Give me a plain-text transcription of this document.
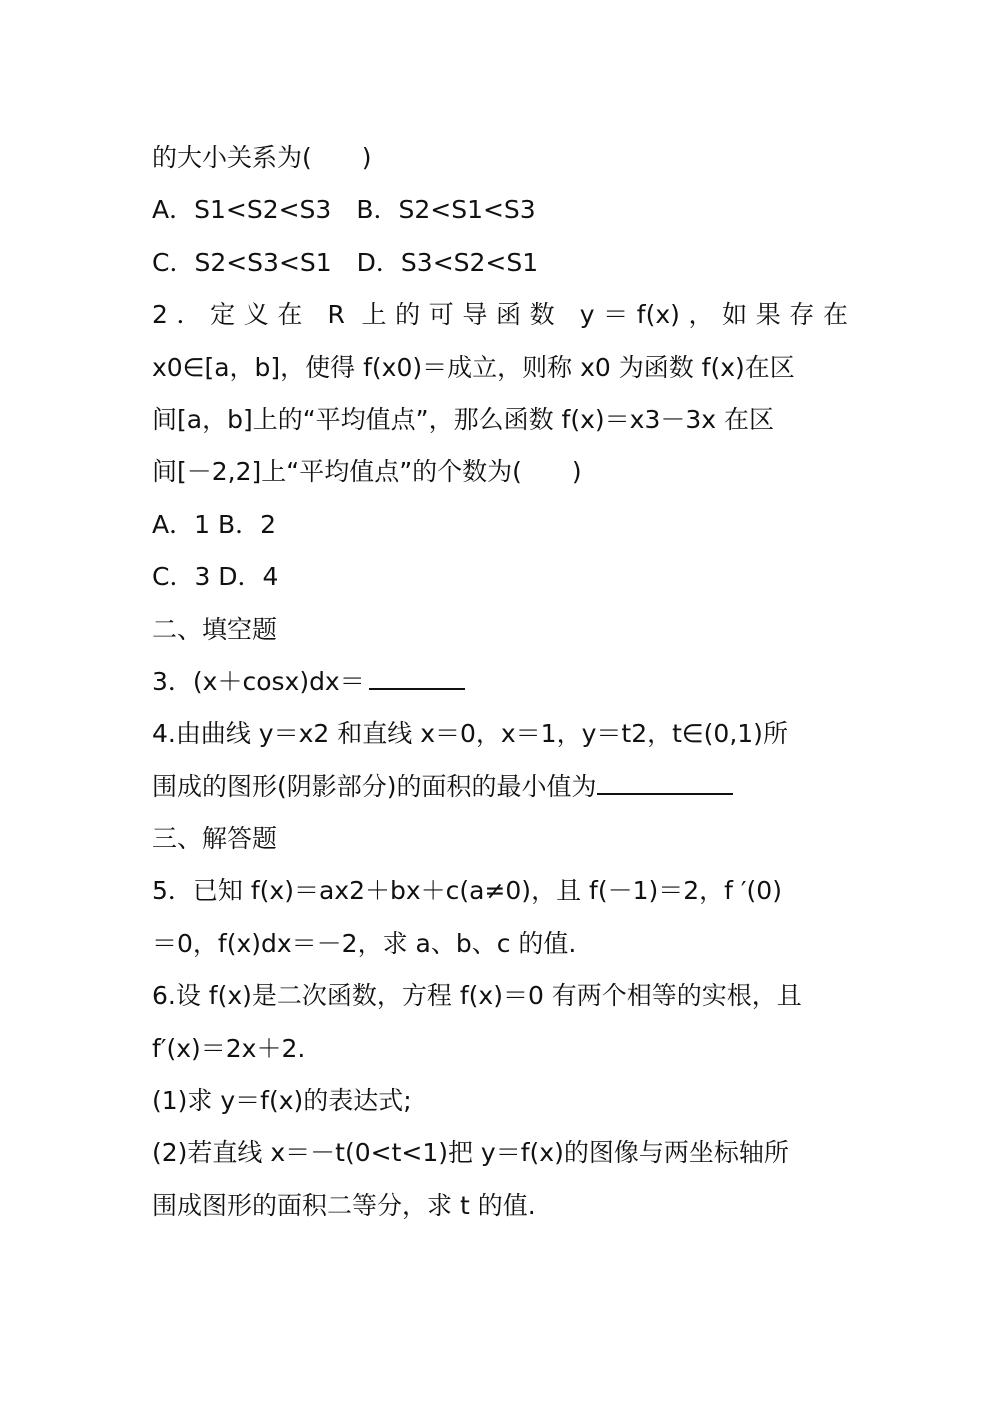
的大小关系为(　　)
A．S1<S2<S3　B．S2<S1<S3
C．S2<S3<S1　D．S3<S2<S1
2．定义在 R 上的可导函数 y＝f(x)，如果存在
x0∈[a，b]，使得 f(x0)＝成立，则称 x0 为函数 f(x)在区
间[a，b]上的“平均值点”，那么函数 f(x)＝x3－3x 在区
间[－2,2]上“平均值点”的个数为(　　)
A．1 B．2
C．3 D．4
二、填空题
3．(x＋cosx)dx＝
4.由曲线 y＝x2 和直线 x＝0，x＝1，y＝t2，t∈(0,1)所
围成的图形(阴影部分)的面积的最小值为
三、解答题
5．已知 f(x)＝ax2＋bx＋c(a≠0)，且 f(－1)＝2，f ′(0)
＝0，f(x)dx＝－2，求 a、b、c 的值.
6.设 f(x)是二次函数，方程 f(x)＝0 有两个相等的实根，且
f′(x)＝2x＋2.
(1)求 y＝f(x)的表达式;
(2)若直线 x＝－t(0<t<1)把 y＝f(x)的图像与两坐标轴所
围成图形的面积二等分，求 t 的值.
